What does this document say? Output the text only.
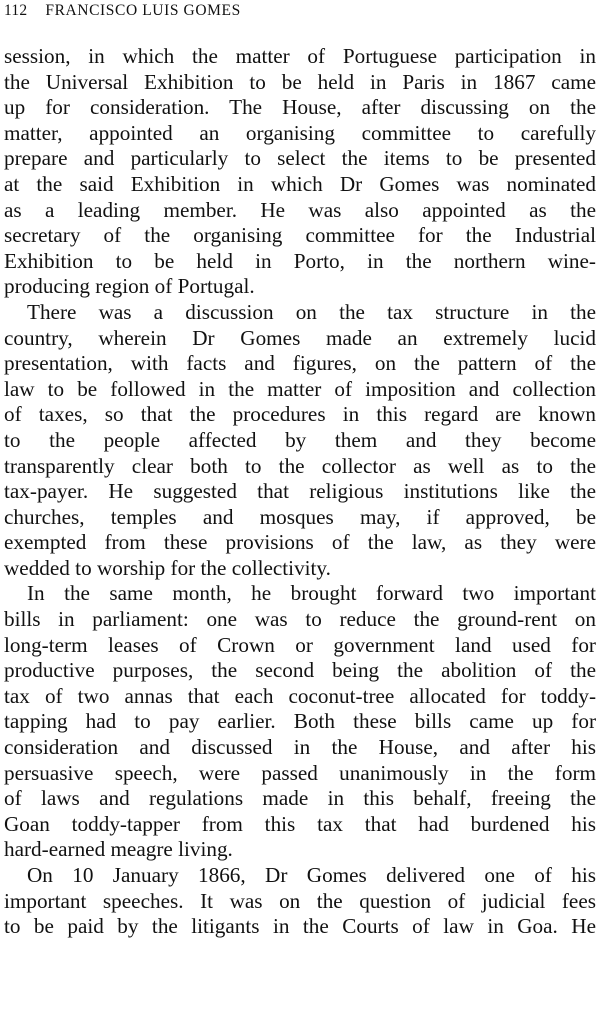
112 FRANCISCO LUIS GOMES

session, in which the matter of Portuguese participation in

the Universal Exhibition to be held in Paris in 1867 came

up for consideration. The House, after discussing on the

matter, appointed an organising committee to carefully

prepare and particularly to select the items to be presented

at the said Exhibition in which Dr Gomes was nominated

as a leading member. He was also appointed as the

secretary of the organising committee for the Industrial

Exhibition to be held in Porto, in the northern wine-

producing region of Portugal.

There was a discussion on the tax structure in the

country, wherein Dr Gomes made an extremely lucid

presentation, with facts and figures, on the pattern of the

law to be followed in the matter of imposition and collection

of taxes, so that the procedures in this regard are known

to the people affected by them and they become

transparently clear both to the collector as well as to the

tax-payer. He suggested that religious institutions like the

churches, temples and mosques may, if approved, be

exempted from these provisions of the law, as they were

wedded to worship for the collectivity.

In the same month, he brought forward two important

bills in parliament: one was to reduce the ground-rent on

long-term leases of Crown or government land used for

productive purposes, the second being the abolition of the

tax of two annas that each coconut-tree allocated for toddy-

tapping had to pay earlier. Both these bills came up for

consideration and discussed in the House, and after his

persuasive speech, were passed unanimously in the form

of laws and regulations made in this behalf, freeing the

Goan toddy-tapper from this tax that had burdened his

hard-earned meagre living.

On 10 January 1866, Dr Gomes delivered one of his

important speeches. It was on the question of judicial fees

to be paid by the litigants in the Courts of law in Goa. He
